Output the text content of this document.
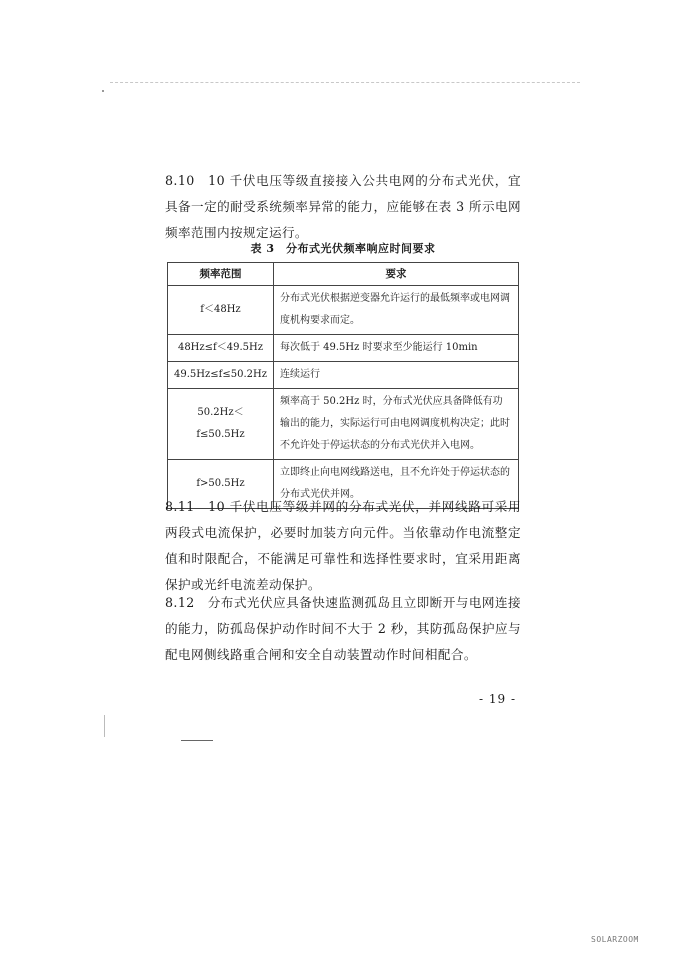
8.10　10 千伏电压等级直接接入公共电网的分布式光伏，宜具备一定的耐受系统频率异常的能力，应能够在表 3 所示电网频率范围内按规定运行。

表 3　分布式光伏频率响应时间要求
频率范围	要求
f＜48Hz	分布式光伏根据逆变器允许运行的最低频率或电网调度机构要求而定。
48Hz≤f＜49.5Hz	每次低于 49.5Hz 时要求至少能运行 10min
49.5Hz≤f≤50.2Hz	连续运行
50.2Hz＜f≤50.5Hz	频率高于 50.2Hz 时，分布式光伏应具备降低有功输出的能力，实际运行可由电网调度机构决定；此时不允许处于停运状态的分布式光伏并入电网。
f>50.5Hz	立即终止向电网线路送电，且不允许处于停运状态的分布式光伏并网。

8.11　10 千伏电压等级并网的分布式光伏，并网线路可采用两段式电流保护，必要时加装方向元件。当依靠动作电流整定值和时限配合，不能满足可靠性和选择性要求时，宜采用距离保护或光纤电流差动保护。

8.12　分布式光伏应具备快速监测孤岛且立即断开与电网连接的能力，防孤岛保护动作时间不大于 2 秒，其防孤岛保护应与配电网侧线路重合闸和安全自动装置动作时间相配合。

- 19 -
SOLARZOOM
